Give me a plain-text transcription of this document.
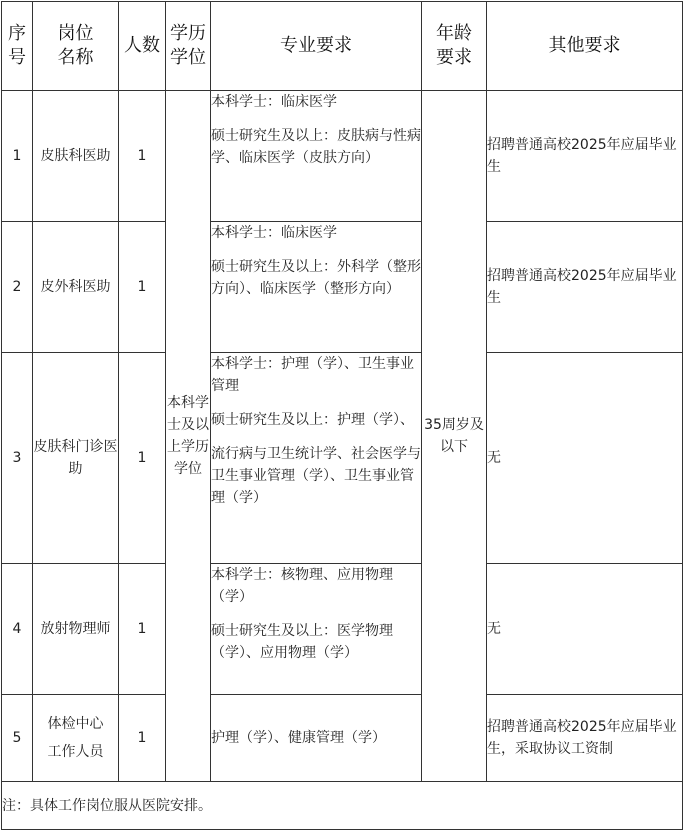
序
号	岗位
名称	人数	学历
学位	专业要求	年龄
要求	其他要求
1	皮肤科医助	1	本科学士及以上学历学位	本科学士：临床医学

硕士研究生及以上：皮肤病与性病学、临床医学（皮肤方向）	35周岁及以下	招聘普通高校2025年应届毕业生
2	皮外科医助	1		本科学士：临床医学

硕士研究生及以上：外科学（整形方向）、临床医学（整形方向）		招聘普通高校2025年应届毕业生
3	皮肤科门诊医助	1		本科学士：护理（学）、卫生事业管理

硕士研究生及以上：护理（学）、

流行病与卫生统计学、社会医学与卫生事业管理（学）、卫生事业管理（学）		无
4	放射物理师	1		本科学士：核物理、应用物理（学）

硕士研究生及以上：医学物理（学）、应用物理（学）		无
5	体检中心
工作人员	1		护理（学）、健康管理（学）		招聘普通高校2025年应届毕业生，采取协议工资制
注：具体工作岗位服从医院安排。						
